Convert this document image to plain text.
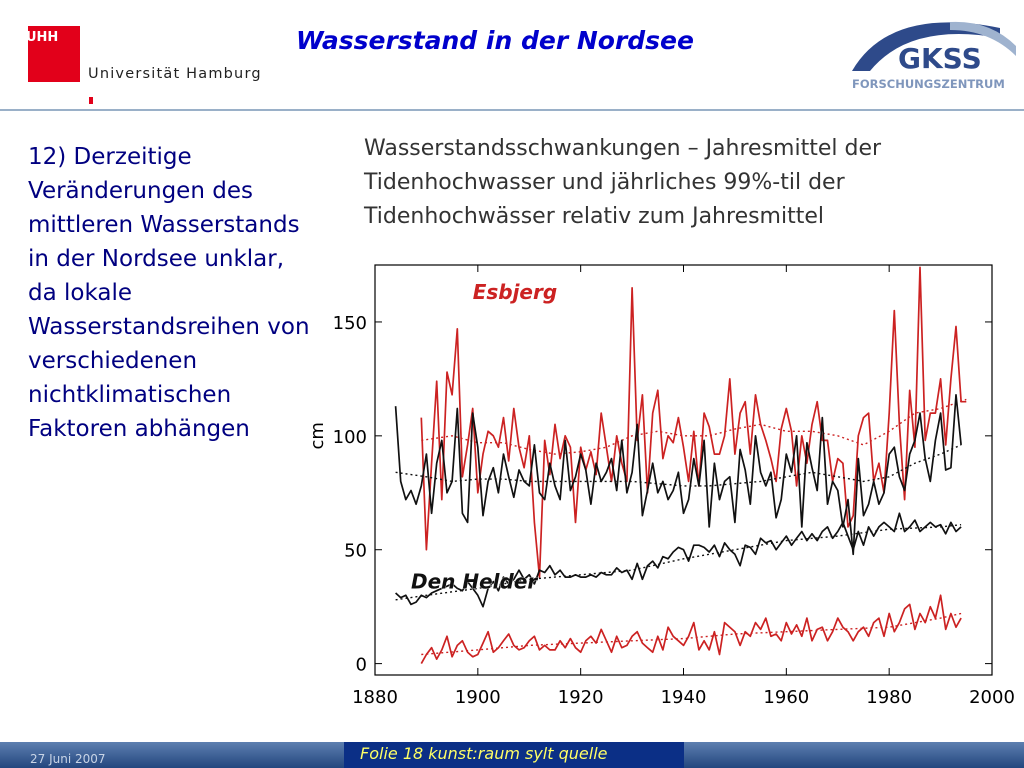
UHH
Universität Hamburg
Wasserstand in der Nordsee
GKSS
FORSCHUNGSZENTRUM
12) Derzeitige Veränderungen des mittleren Wasserstands in der Nordsee unklar, da lokale Wasserstandsreihen von verschiedenen nichtklimatischen Faktoren abhängen
Wasserstandsschwankungen – Jahresmittel der Tidenhochwasser und jährliches 99%-til der Tidenhochwässer relativ zum Jahresmittel
1880	1900	1920	1940	1960	1980	2000
0
50
100
150
cm
Esbjerg
Den Helder
27 Juni 2007	Folie 18 kunst:raum sylt quelle
